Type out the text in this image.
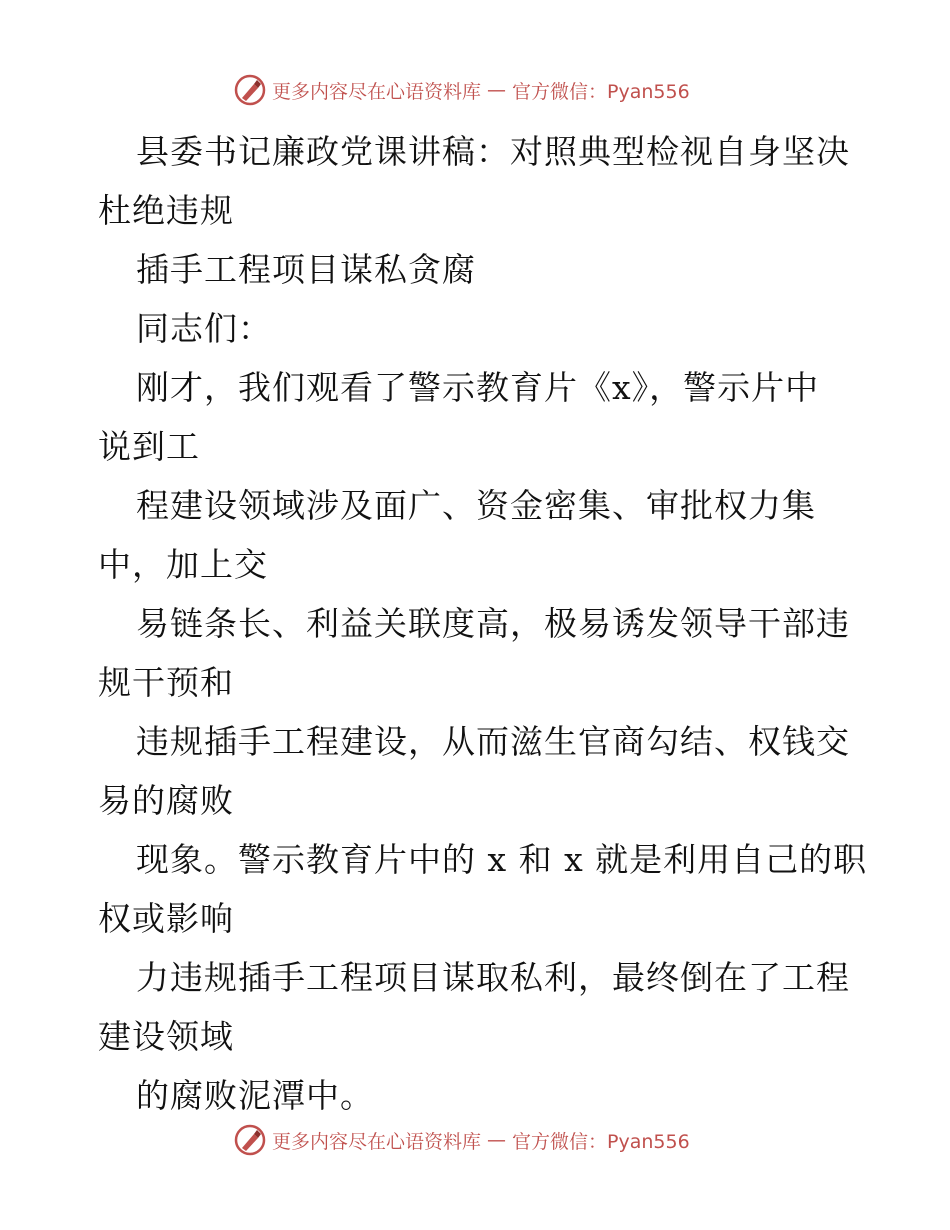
更多内容尽在心语资料库 — 官方微信：Pyan556
县委书记廉政党课讲稿：对照典型检视自身坚决
杜绝违规
插手工程项目谋私贪腐
同志们：
刚才，我们观看了警示教育片《x》，警示片中
说到工
程建设领域涉及面广、资金密集、审批权力集
中，加上交
易链条长、利益关联度高，极易诱发领导干部违
规干预和
违规插手工程建设，从而滋生官商勾结、权钱交
易的腐败
现象。警示教育片中的 x 和 x 就是利用自己的职
权或影响
力违规插手工程项目谋取私利，最终倒在了工程
建设领域
的腐败泥潭中。
更多内容尽在心语资料库 — 官方微信：Pyan556
